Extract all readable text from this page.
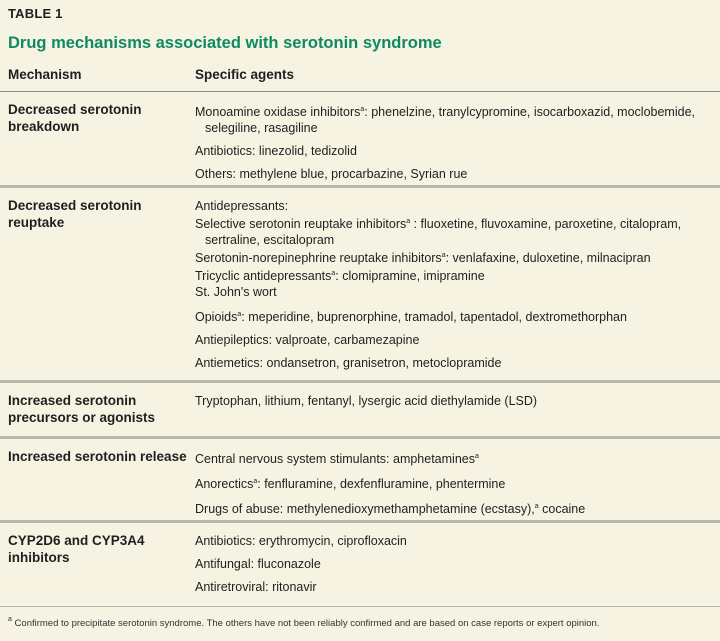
TABLE 1
Drug mechanisms associated with serotonin syndrome
Mechanism	Specific agents
Decreased serotonin breakdown
Monoamine oxidase inhibitors$^a$: phenelzine, tranylcypromine, isocarboxazid, moclobemide,
selegiline, rasagiline
Antibiotics: linezolid, tedizolid
Others: methylene blue, procarbazine, Syrian rue
Decreased serotonin reuptake
Antidepressants:
Selective serotonin reuptake inhibitors$^a$ : fluoxetine, fluvoxamine, paroxetine, citalopram,
sertraline, escitalopram
Serotonin-norepinephrine reuptake inhibitors$^a$: venlafaxine, duloxetine, milnacipran
Tricyclic antidepressants$^a$: clomipramine, imipramine
St. John's wort
Opioids$^a$: meperidine, buprenorphine, tramadol, tapentadol, dextromethorphan
Antiepileptics: valproate, carbamezapine
Antiemetics: ondansetron, granisetron, metoclopramide
Increased serotonin precursors or agonists
Tryptophan, lithium, fentanyl, lysergic acid diethylamide (LSD)
Increased serotonin release Central nervous system stimulants: amphetamines$^a$
Anorectics$^a$: fenfluramine, dexfenfluramine, phentermine
Drugs of abuse: methylenedioxymethamphetamine (ecstasy),$^a$ cocaine
CYP2D6 and CYP3A4 inhibitors
Antibiotics: erythromycin, ciprofloxacin
Antifungal: fluconazole
Antiretroviral: ritonavir
$^a$ Confirmed to precipitate serotonin syndrome. The others have not been reliably confirmed and are based on case reports or expert opinion.
